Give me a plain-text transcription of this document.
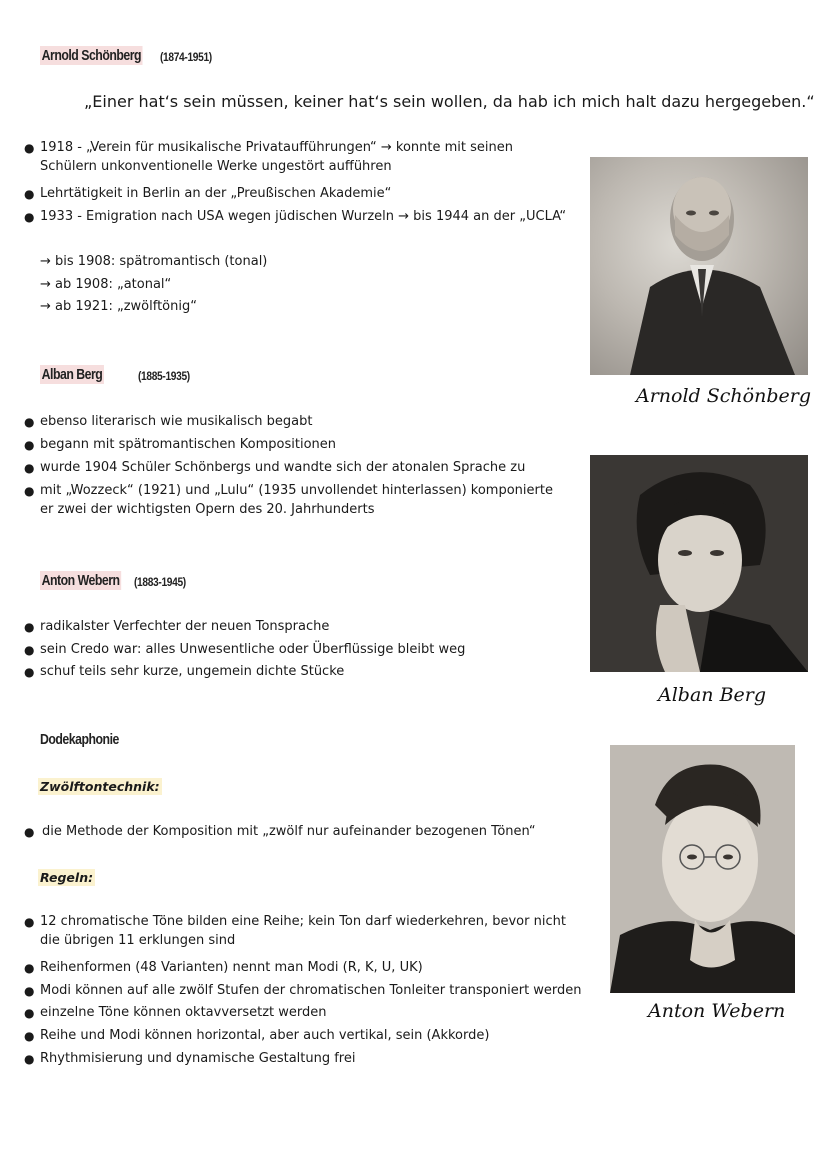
Arnold Schönberg (1874-1951)
„Einer hat‘s sein müssen, keiner hat‘s sein wollen, da hab ich mich halt dazu hergegeben.“
● 1918 - „Verein für musikalische Privataufführungen“ → konnte mit seinen Schülern unkonventionelle Werke ungestört aufführen
● Lehrtätigkeit in Berlin an der „Preußischen Akademie“
● 1933 - Emigration nach USA wegen jüdischen Wurzeln → bis 1944 an der „UCLA“
→ bis 1908: spätromantisch (tonal)
→ ab 1908: „atonal“
→ ab 1921: „zwölftönig“
Arnold Schönberg
Alban Berg	(1885-1935)
● ebenso literarisch wie musikalisch begabt
● begann mit spätromantischen Kompositionen
● wurde 1904 Schüler Schönbergs und wandte sich der atonalen Sprache zu
● mit „Wozzeck“ (1921) und „Lulu“ (1935 unvollendet hinterlassen) komponierte er zwei der wichtigsten Opern des 20. Jahrhunderts
Alban Berg
Anton Webern (1883-1945)
● radikalster Verfechter der neuen Tonsprache
● sein Credo war: alles Unwesentliche oder Überflüssige bleibt weg
● schuf teils sehr kurze, ungemein dichte Stücke
Dodekaphonie
Zwölftontechnik:
● die Methode der Komposition mit „zwölf nur aufeinander bezogenen Tönen“
Regeln:
● 12 chromatische Töne bilden eine Reihe; kein Ton darf wiederkehren, bevor nicht die übrigen 11 erklungen sind
● Reihenformen (48 Varianten) nennt man Modi (R, K, U, UK)
● Modi können auf alle zwölf Stufen der chromatischen Tonleiter transponiert werden
● einzelne Töne können oktavversetzt werden
● Reihe und Modi können horizontal, aber auch vertikal, sein (Akkorde)
● Rhythmisierung und dynamische Gestaltung frei
Anton Webern
